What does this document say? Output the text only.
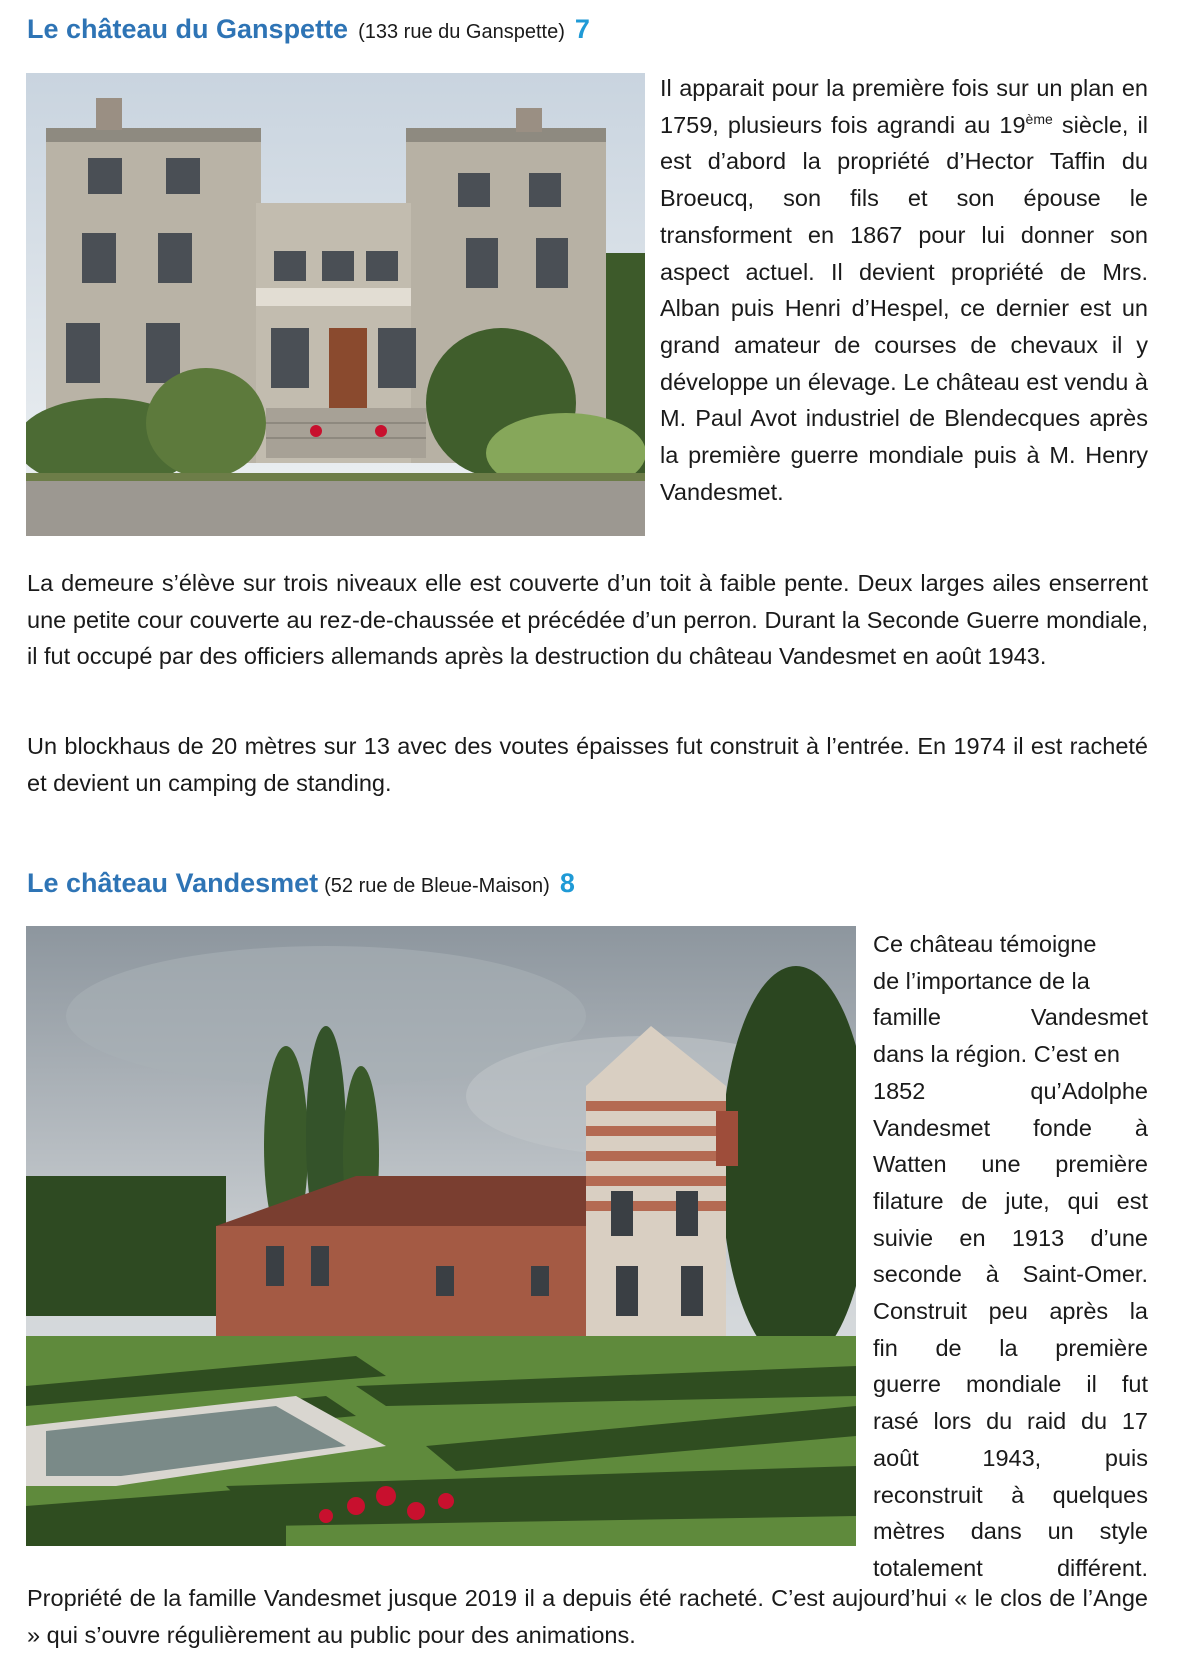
Le château du Ganspette (133 rue du Ganspette) 7

Il apparait pour la première fois sur un plan en 1759, plusieurs fois agrandi au 19ème siècle, il est d’abord la propriété d’Hector Taffin du Broeucq, son fils et son épouse le transforment en 1867 pour lui donner son aspect actuel. Il devient propriété de Mrs. Alban puis Henri d’Hespel, ce dernier est un grand amateur de courses de chevaux il y développe un élevage. Le château est vendu à M. Paul Avot industriel de Blendecques après la première guerre mondiale puis à M. Henry Vandesmet.

La demeure s’élève sur trois niveaux elle est couverte d’un toit à faible pente. Deux larges ailes enserrent une petite cour couverte au rez-de-chaussée et précédée d’un perron. Durant la Seconde Guerre mondiale, il fut occupé par des officiers allemands après la destruction du château Vandesmet en août 1943.

Un blockhaus de 20 mètres sur 13 avec des voutes épaisses fut construit à l’entrée. En 1974 il est racheté et devient un camping de standing.

Le château Vandesmet (52 rue de Bleue-Maison) 8

Ce château témoigne
de l’importance de la
famille Vandesmet
dans la région. C’est en
1852 qu’Adolphe
Vandesmet fonde à
Watten une première
filature de jute, qui est
suivie en 1913 d’une
seconde à Saint-Omer.
Construit peu après la
fin de la première
guerre mondiale il fut
rasé lors du raid du 17
août 1943, puis
reconstruit à quelques
mètres dans un style
totalement différent.

Propriété de la famille Vandesmet jusque 2019 il a depuis été racheté. C’est aujourd’hui « le clos de l’Ange » qui s’ouvre régulièrement au public pour des animations.
